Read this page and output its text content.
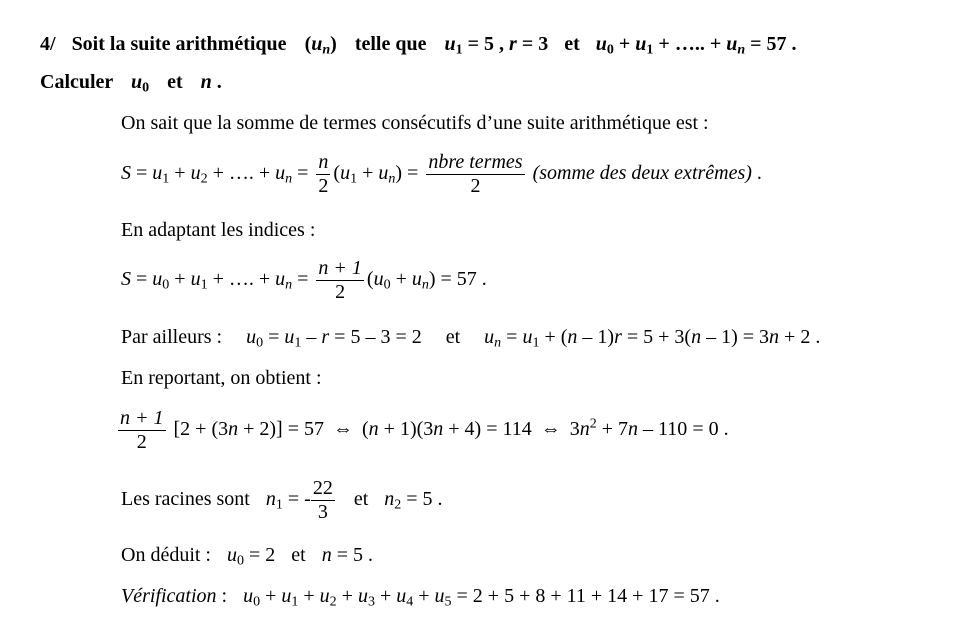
4/ Soit la suite arithmétique  $(u_n)$  telle que $u_1 = 5$ , r = 3 et $u_0 + u_1$ + ….. + $u_n = 57$ .
Calculer $u_0$ et n .
On sait que la somme de termes consécutifs d’une suite arithmétique est :
$S = u_1 + u_2$ + …. + $u_n = \frac{n}{2} (u_1 + u_n) = \frac{\text{nbre termes}}{2}$ (somme des deux extrêmes) .
En adaptant les indices :
$S = u_0 + u_1$ + …. + $u_n = \frac{n + 1}{2} (u_0 + u_n) = 57$ .
Par ailleurs : $u_0 = u_1 - r = 5 - 3 = 2$ et $u_n = u_1 + (n - 1)r = 5 + 3(n - 1) = 3n + 2$ .
En reportant, on obtient :
$\frac{n + 1}{2} [2 + (3n + 2)] = 57$ ⇔ (n + 1)(3n + 4) = 114 ⇔ $3n^2 + 7n - 110 = 0$ .
Les racines sont $n_1$ = - $\frac{22}{3}$ et $n_2 = 5$ .
On déduit : $u_0 = 2$ et n = 5 .
Vérification :  $u_0 + u_1 + u_2 + u_3 + u_4 + u_5 = 2 + 5 + 8 + 11 + 14 + 17 = 57$ .
